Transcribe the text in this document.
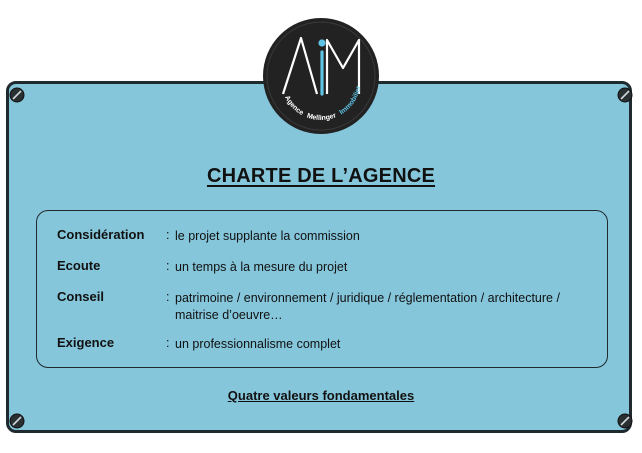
Agence Mellinger Immobilier
CHARTE DE L’AGENCE
Considération : le projet supplante la commission
Ecoute	: un temps à la mesure du projet
Conseil	: patrimoine / environnement / juridique / réglementation / architecture / maitrise d’oeuvre…
Exigence	: un professionnalisme complet
Quatre valeurs fondamentales
